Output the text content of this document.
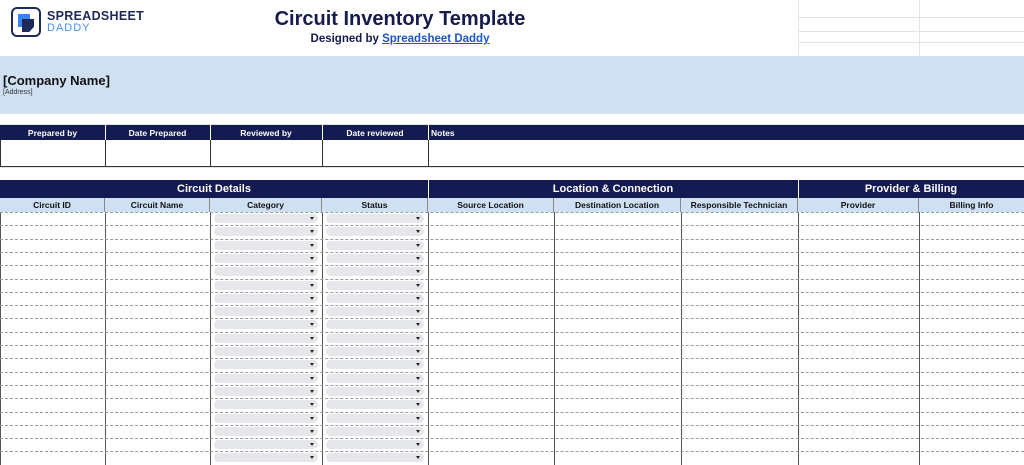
SPREADSHEET
DADDY	Circuit Inventory Template
Designed by Spreadsheet Daddy
[Company Name]
[Address]
Prepared by	Date Prepared	Reviewed by	Date reviewed	Notes
Circuit Details	Location & Connection	Provider & Billing
Circuit ID	Circuit Name	Category	Status	Source Location	Destination Location	Responsible Technician	Provider	Billing Info
